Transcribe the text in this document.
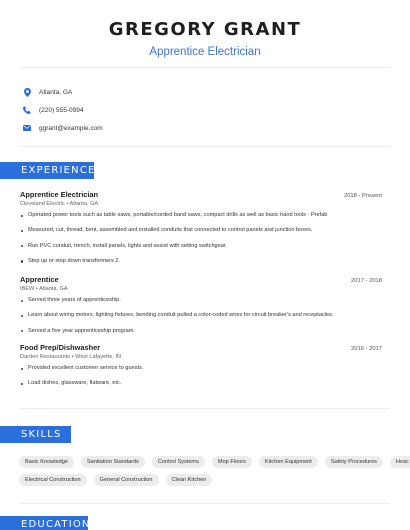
GREGORY GRANT
Apprentice Electrician
Atlanta, GA
(220) 555-0994
ggrant@example.com
EXPERIENCE
Apprentice Electrician	2018 - Present
Cleveland Electric • Atlanta, GA
Operated power tools such as table saws, portable/corded band saws, compact drills as well as basic hand tools - Prefab
Measured, cut, thread, bent, assembled and installed conduits that connected to control panels and junction boxes.
Run PVC conduit, trench, install panels, lights and assist with setting switchgear.
Step up or step down transformers 2.
Apprentice	2017 - 2018
IBEW • Atlanta, GA
Served three years of apprenticeship.
Learn about wiring motors, lighting fixtures, bending conduit pulled a color-coded wires for circuit breaker's and receptacles.
Served a five year apprenticeship program.
Food Prep/Dishwasher	2016 - 2017
Darden Restaurants • West Lafayette, IN
Provided excellent customer service to guests.
Load dishes, glassware, flatware, etc.
SKILLS
Basic Knowledge	Sanitation Standards	Control Systems	Mop Floors	Kitchen Equipment	Safety Procedures	Hvac
Electrical Construction	General Construction	Clean Kitchen
EDUCATION
